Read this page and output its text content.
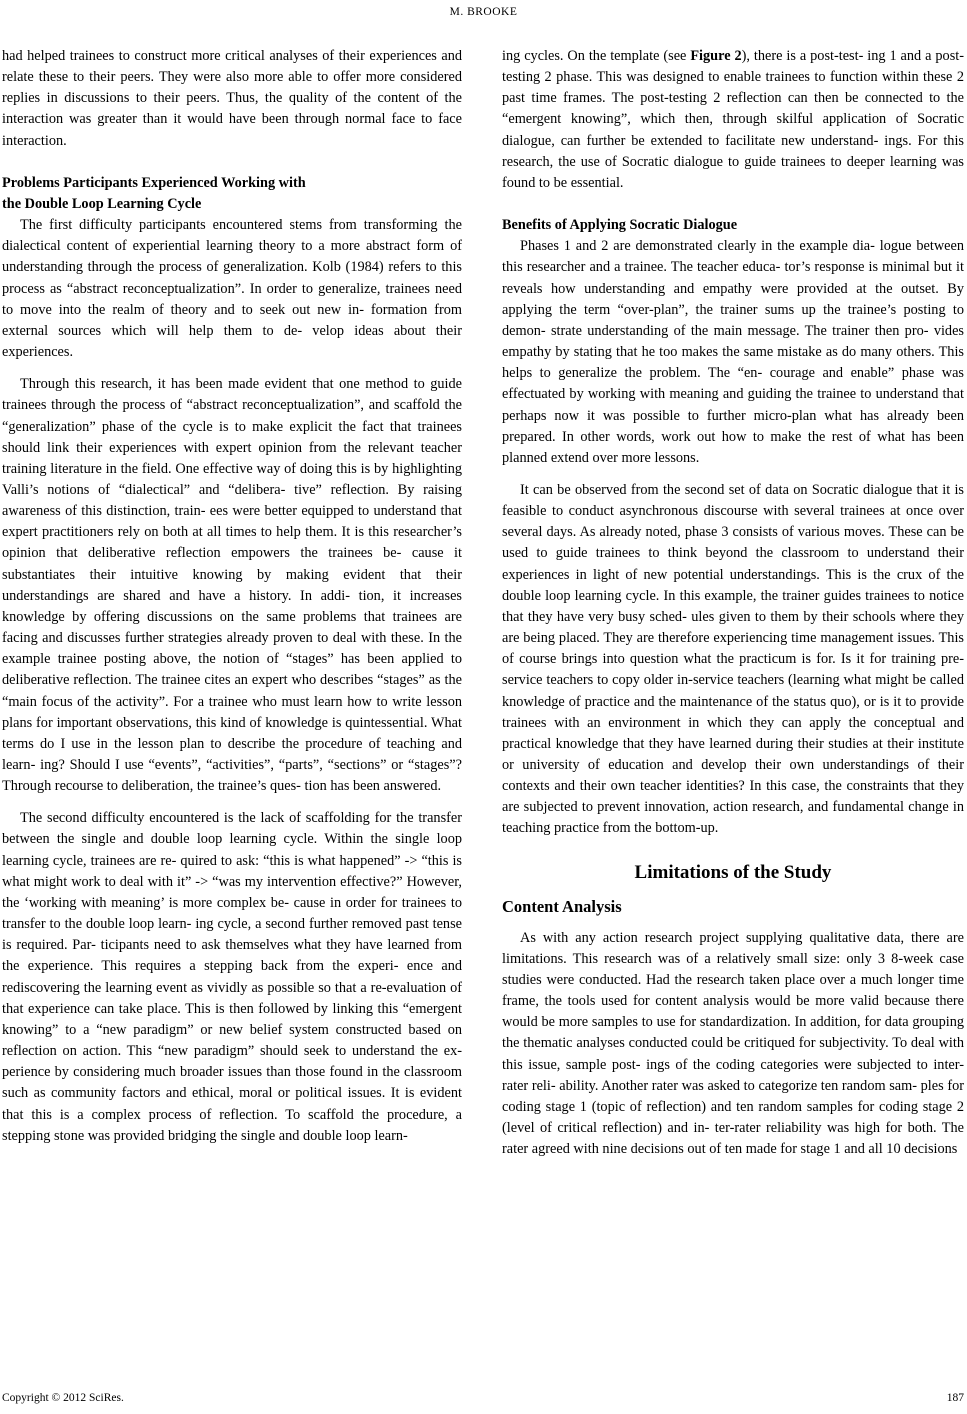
M. BROOKE

had helped trainees to construct more critical analyses of their experiences and relate these to their peers. They were also more able to offer more considered replies in discussions to their peers. Thus, the quality of the content of the interaction was greater than it would have been through normal face to face interaction.

Problems Participants Experienced Working with
the Double Loop Learning Cycle

The first difficulty participants encountered stems from transforming the dialectical content of experiential learning theory to a more abstract form of understanding through the process of generalization. Kolb (1984) refers to this process as “abstract reconceptualization”. In order to generalize, trainees need to move into the realm of theory and to seek out new in- formation from external sources which will help them to de- velop ideas about their experiences.

Through this research, it has been made evident that one method to guide trainees through the process of “abstract reconceptualization”, and scaffold the “generalization” phase of the cycle is to make explicit the fact that trainees should link their experiences with expert opinion from the relevant teacher training literature in the field. One effective way of doing this is by highlighting Valli’s notions of “dialectical” and “delibera- tive” reflection. By raising awareness of this distinction, train- ees were better equipped to understand that expert practitioners rely on both at all times to help them. It is this researcher’s opinion that deliberative reflection empowers the trainees be- cause it substantiates their intuitive knowing by making evident that their understandings are shared and have a history. In addi- tion, it increases knowledge by offering discussions on the same problems that trainees are facing and discusses further strategies already proven to deal with these. In the example trainee posting above, the notion of “stages” has been applied to deliberative reflection. The trainee cites an expert who describes “stages” as the “main focus of the activity”. For a trainee who must learn how to write lesson plans for important observations, this kind of knowledge is quintessential. What terms do I use in the lesson plan to describe the procedure of teaching and learn- ing? Should I use “events”, “activities”, “parts”, “sections” or “stages”? Through recourse to deliberation, the trainee’s ques- tion has been answered.

The second difficulty encountered is the lack of scaffolding for the transfer between the single and double loop learning cycle. Within the single loop learning cycle, trainees are re- quired to ask: “this is what happened” -> “this is what might work to deal with it” -> “was my intervention effective?” However, the ‘working with meaning’ is more complex be- cause in order for trainees to transfer to the double loop learn- ing cycle, a second further removed past tense is required. Par- ticipants need to ask themselves what they have learned from the experience. This requires a stepping back from the experi- ence and rediscovering the learning event as vividly as possible so that a re-evaluation of that experience can take place. This is then followed by linking this “emergent knowing” to a “new paradigm” or new belief system constructed based on reflection on action. This “new paradigm” should seek to understand the ex- perience by considering much broader issues than those found in the classroom such as community factors and ethical, moral or political issues. It is evident that this is a complex process of reflection. To scaffold the procedure, a stepping stone was provided bridging the single and double loop learn-

ing cycles. On the template (see Figure 2), there is a post-test- ing 1 and a post-testing 2 phase. This was designed to enable trainees to function within these 2 past time frames. The post-testing 2 reflection can then be connected to the “emergent knowing”, which then, through skilful application of Socratic dialogue, can further be extended to facilitate new understand- ings. For this research, the use of Socratic dialogue to guide trainees to deeper learning was found to be essential.

Benefits of Applying Socratic Dialogue

Phases 1 and 2 are demonstrated clearly in the example dia- logue between this researcher and a trainee. The teacher educa- tor’s response is minimal but it reveals how understanding and empathy were provided at the outset. By applying the term “over-plan”, the trainer sums up the trainee’s posting to demon- strate understanding of the main message. The trainer then pro- vides empathy by stating that he too makes the same mistake as do many others. This helps to generalize the problem. The “en- courage and enable” phase was effectuated by working with meaning and guiding the trainee to understand that perhaps now it was possible to further micro-plan what has already been prepared. In other words, work out how to make the rest of what has been planned extend over more lessons.

It can be observed from the second set of data on Socratic dialogue that it is feasible to conduct asynchronous discourse with several trainees at once over several days. As already noted, phase 3 consists of various moves. These can be used to guide trainees to think beyond the classroom to understand their experiences in light of new potential understandings. This is the crux of the double loop learning cycle. In this example, the trainer guides trainees to notice that they have very busy sched- ules given to them by their schools where they are being placed. They are therefore experiencing time management issues. This of course brings into question what the practicum is for. Is it for training pre-service teachers to copy older in-service teachers (learning what might be called knowledge of practice and the maintenance of the status quo), or is it to provide trainees with an environment in which they can apply the conceptual and practical knowledge that they have learned during their studies at their institute or university of education and develop their own understandings of their contexts and their own teacher identities? In this case, the constraints that they are subjected to prevent innovation, action research, and fundamental change in teaching practice from the bottom-up.

Limitations of the Study
Content Analysis

As with any action research project supplying qualitative data, there are limitations. This research was of a relatively small size: only 3 8-week case studies were conducted. Had the research taken place over a much longer time frame, the tools used for content analysis would be more valid because there would be more samples to use for standardization. In addition, for data grouping the thematic analyses conducted could be critiqued for subjectivity. To deal with this issue, sample post- ings of the coding categories were subjected to inter-rater reli- ability. Another rater was asked to categorize ten random sam- ples for coding stage 1 (topic of reflection) and ten random samples for coding stage 2 (level of critical reflection) and in- ter-rater reliability was high for both. The rater agreed with nine decisions out of ten made for stage 1 and all 10 decisions

Copyright © 2012 SciRes.	187
